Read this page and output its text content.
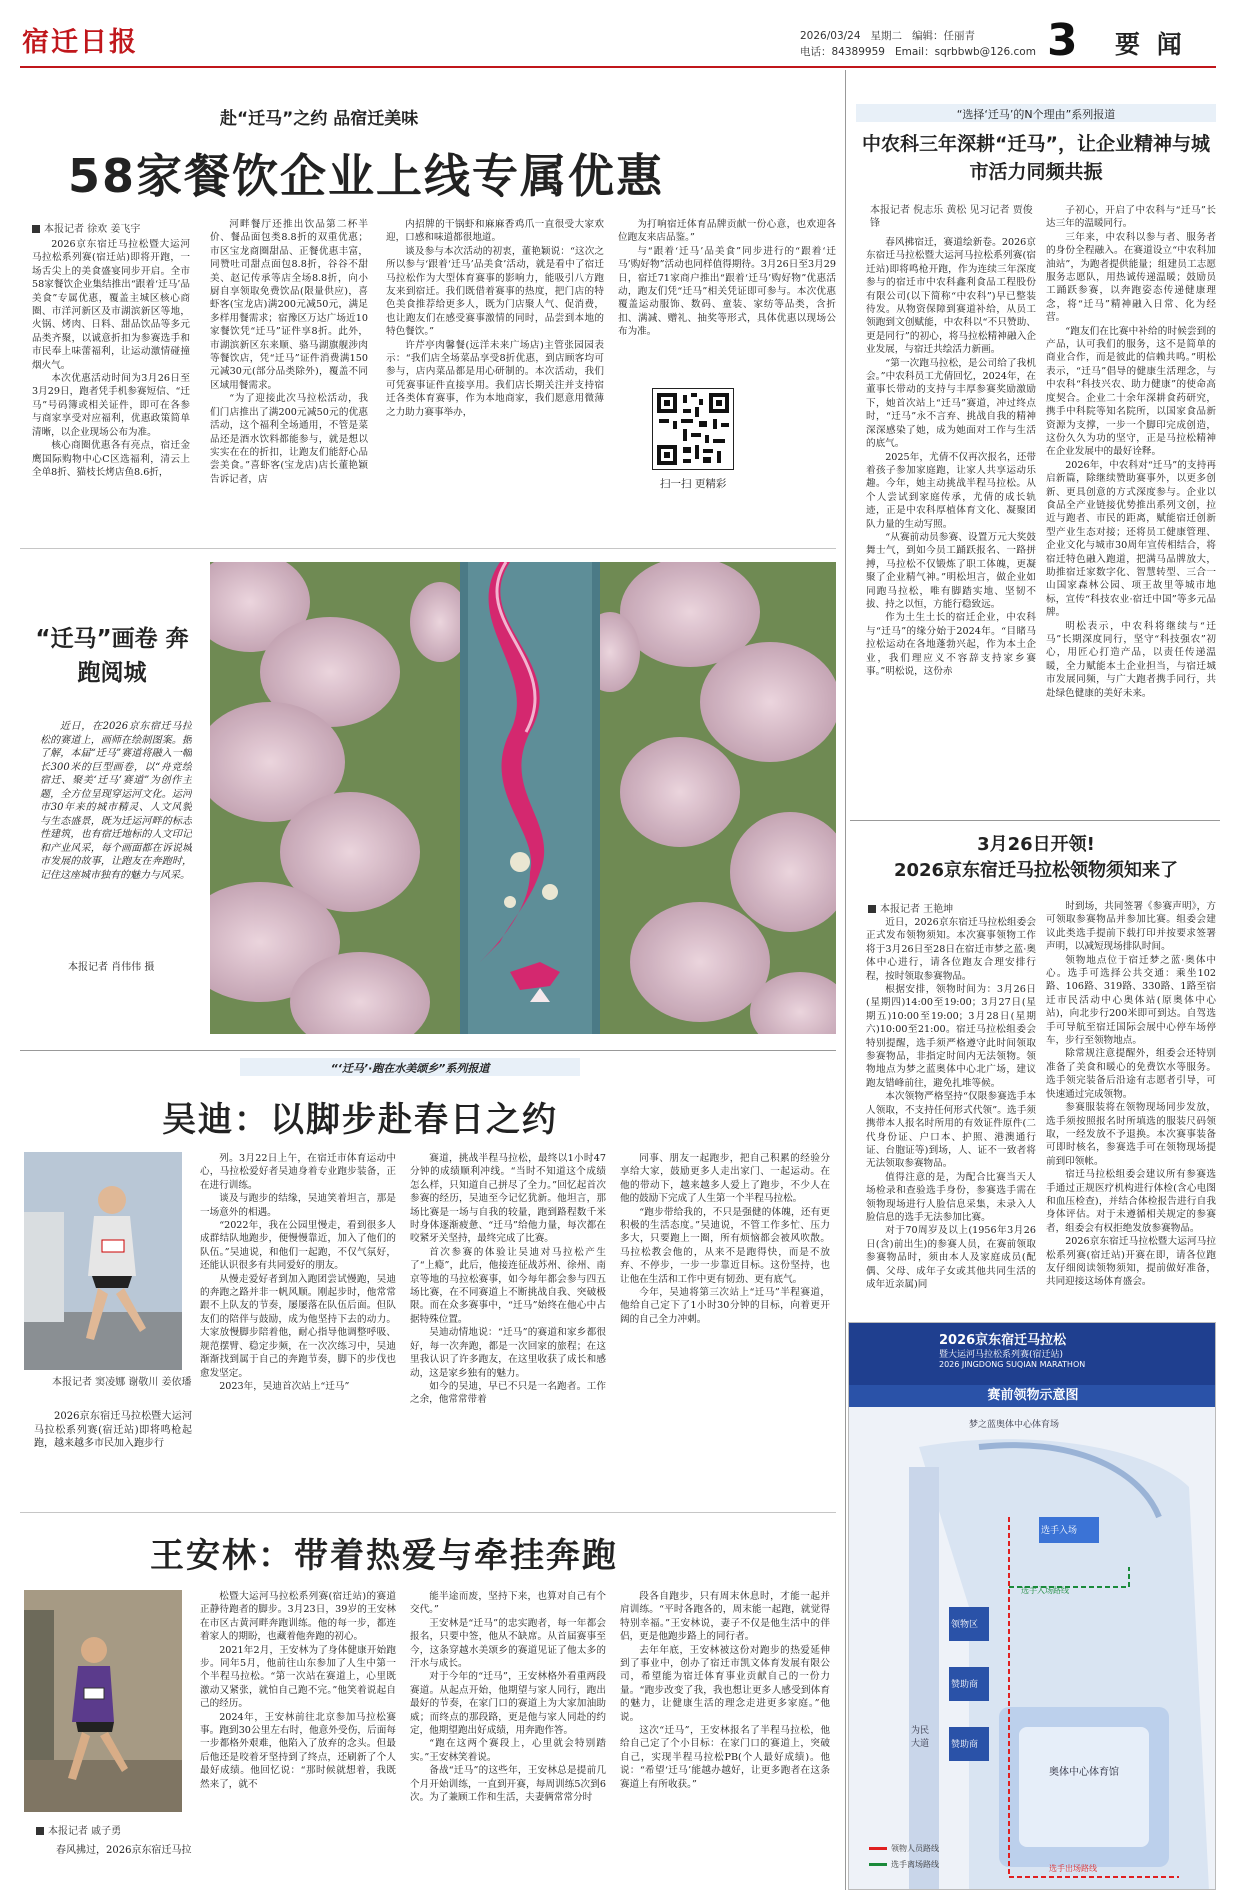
宿迁日报	2026/03/24 星期二 编辑：任丽青
电话：84389959 Email：sqrbbwb@126.com 3 要 闻
赴“迁马”之约 品宿迁美味
58家餐饮企业上线专属优惠
本报记者 徐欢 姜飞宇

2026京东宿迁马拉松暨大运河马拉松系列赛(宿迁站)即将开跑，一场舌尖上的美食盛宴同步开启。全市58家餐饮企业集结推出“跟着‘迁马’品美食”专属优惠，覆盖主城区核心商圈、市洋河新区及市湖滨新区等地，火锅、烤肉、日料、甜品饮品等多元品类齐聚，以诚意折扣为参赛选手和市民奉上味蕾福利，让运动激情碰撞烟火气。

本次优惠活动时间为3月26日至3月29日，跑者凭手机参赛短信、“迁马”号码簿或相关证件，即可在各参与商家享受对应福利，优惠政策简单清晰，以企业现场公布为准。

核心商圈优惠各有亮点，宿迁金鹰国际购物中心C区选福利，清云上全单8折、猫枝长烤店鱼8.6折，

河畔餐厅还推出饮品第二杯半价、餐品面包类8.8折的双重优惠；市区宝龙商圈甜品、正餐优惠丰富，同赞吐司甜点面包8.8折，谷谷不甜美、赵记传承等店全场8.8折，向小厨自享领取免费饮品(限量供应)，喜虾客(宝龙店)满200元减50元，满足多样用餐需求；宿豫区万达广场近10家餐饮凭“迁马”证件享8折。此外，市湖滨新区东来顺、骆马湖旗舰涉肉等餐饮店，凭“迁马”证件消费满150元减30元(部分品类除外)，覆盖不同区域用餐需求。

“为了迎接此次马拉松活动，我们门店推出了满200元减50元的优惠活动，这个福利全场通用，不管是菜品还是酒水饮料都能参与，就是想以实实在在的折扣，让跑友们能舒心品尝美食。”喜虾客(宝龙店)店长董艳颖告诉记者，店

内招牌的干锅虾和麻麻香鸡爪一直很受大家欢迎，口感和味道都很地道。

谈及参与本次活动的初衷，董艳颖说：“这次之所以参与‘跟着‘迁马’品美食’活动，就是看中了宿迁马拉松作为大型体育赛事的影响力，能吸引八方跑友来到宿迁。我们既借着赛事的热度，把门店的特色美食推荐给更多人，既为门店聚人气、促消费，也让跑友们在感受赛事激情的同时，品尝到本地的特色餐饮。”

许芹亭肉馨餐(远洋未来广场店)主管张园园表示：“我们店全场菜品享受8折优惠，到店顾客均可参与，店内菜品都是用心研制的。本次活动，我们可凭赛事证件直接享用。我们店长期关注并支持宿迁各类体育赛事，作为本地商家，我们愿意用微薄之力助力赛事举办，

为打响宿迁体育品牌贡献一份心意，也欢迎各位跑友来店品鉴。”

与“跟着‘迁马’品美食”同步进行的“跟着‘迁马’购好物”活动也同样值得期待。3月26日至3月29日，宿迁71家商户推出“跟着‘迁马’购好物”优惠活动，跑友们凭“迁马”相关凭证即可参与。本次优惠覆盖运动服饰、数码、童装、家纺等品类，含折扣、满减、赠礼、抽奖等形式，具体优惠以现场公布为准。

扫一扫 更精彩
“迁马”画卷 奔跑阅城
近日，在2026京东宿迁马拉松的赛道上，画师在绘制图案。据了解，本届“迁马”赛道将融入一幅长300米的巨型画卷，以“舟竞绘宿迁、聚美‘迁马’赛道”为创作主题，全方位呈现穿运河文化。运河市30年来的城市精灵、人文风貌与生态盛景，既为迁运河畔的标志性建筑，也有宿迁地标的人文印记和产业风采，每个画面都在诉说城市发展的故事，让跑友在奔跑时，记住这座城市独有的魅力与风采。
本报记者 肖伟伟 摄
“‘迁马’·跑在水美颂乡”系列报道
吴迪：以脚步赴春日之约
本报记者 窦凌娜 谢敬川 姜依璠
2026京东宿迁马拉松暨大运河马拉松系列赛(宿迁站)即将鸣枪起跑，越来越多市民加入跑步行

列。3月22日上午，在宿迁市体育运动中心，马拉松爱好者吴迪身着专业跑步装备，正在进行训练。

谈及与跑步的结缘，吴迪笑着坦言，那是一场意外的相遇。

“2022年，我在公园里慢走，看到很多人成群结队地跑步，便慢慢靠近，加入了他们的队伍。”吴迪说，和他们一起跑，不仅气氛好，还能认识很多有共同爱好的朋友。

从慢走爱好者到加入跑团尝试慢跑，吴迪的奔跑之路并非一帆风顺。刚起步时，他常常跟不上队友的节奏，屡屡落在队伍后面。但队友们的陪伴与鼓励，成为他坚持下去的动力。大家放慢脚步陪着他，耐心指导他调整呼吸、规范摆臂、稳定步频，在一次次练习中，吴迪渐渐找到属于自己的奔跑节奏，脚下的步伐也愈发坚定。

2023年，吴迪首次站上“迁马”

赛道，挑战半程马拉松，最终以1小时47分钟的成绩顺利冲线。“当时不知道这个成绩怎么样，只知道自己拼尽了全力。”回忆起首次参赛的经历，吴迪至今记忆犹新。他坦言，那场比赛是一场与自我的较量，跑到路程数千米时身体逐渐疲惫、“迁马”给他力量，每次都在咬紧牙关坚持，最终完成了比赛。

首次参赛的体验让吴迪对马拉松产生了“上瘾”，此后，他接连征战苏州、徐州、南京等地的马拉松赛事，如今每年都会参与四五场比赛，在不同赛道上不断挑战自我、突破极限。而在众多赛事中，“迁马”始终在他心中占据特殊位置。

吴迪动情地说：“迁马”的赛道和家乡都很好，每一次奔跑，都是一次回家的旅程；在这里我认识了许多跑友，在这里收获了成长和感动，这是家乡独有的魅力。

如今的吴迪，早已不只是一名跑者。工作之余，他常常带着

同事、朋友一起跑步，把自己积累的经验分享给大家，鼓励更多人走出家门、一起运动。在他的带动下，越来越多人爱上了跑步，不少人在他的鼓励下完成了人生第一个半程马拉松。

“跑步带给我的，不只是强健的体魄，还有更积极的生活态度。”吴迪说，不管工作多忙、压力多大，只要跑上一圈，所有烦恼都会被风吹散。马拉松教会他的，从来不是跑得快，而是不放弃、不停步，一步一步靠近目标。这份坚持，也让他在生活和工作中更有韧劲、更有底气。

今年，吴迪将第三次站上“迁马”半程赛道，他给自己定下了1小时30分钟的目标，向着更开阔的自己全力冲刺。

王安林：带着热爱与牵挂奔跑
本报记者 戚子勇
春风拂过，2026京东宿迁马拉

松暨大运河马拉松系列赛(宿迁站)的赛道正静待跑者的脚步。3月23日，39岁的王安林在市区古黄河畔奔跑训练。他的每一步，都连着家人的期盼，也藏着他奔跑的初心。

2021年2月，王安林为了身体健康开始跑步。同年5月，他前往山东参加了人生中第一个半程马拉松。“第一次站在赛道上，心里既激动又紧张，就怕自己跑不完。”他笑着说起自己的经历。

2024年，王安林前往北京参加马拉松赛事。跑到30公里左右时，他意外受伤，后面每一步都格外艰难，他陷入了放弃的念头。但最后他还是咬着牙坚持到了终点，还刷新了个人最好成绩。他回忆说：“那时候就想着，我既然来了，就不

能半途而废，坚持下来，也算对自己有个交代。”

王安林是“迁马”的忠实跑者，每一年都会报名，只要中签，他从不缺席。从首届赛事至今，这条穿越水美颂乡的赛道见证了他太多的汗水与成长。

对于今年的“迁马”，王安林格外看重两段赛道。从起点开始，他期望与家人同行，跑出最好的节奏，在家门口的赛道上为大家加油助威；而终点的那段路，更是他与家人同赴的约定，他期望跑出好成绩，用奔跑作答。

“跑在这两个赛段上，心里就会特别踏实。”王安林笑着说。

备战“迁马”的这些年，王安林总是提前几个月开始训练，一直到开赛，每周训练5次到6次。为了兼顾工作和生活，夫妻俩常常分时

段各自跑步，只有周末休息时，才能一起并肩训练。“平时各跑各的，周末能一起跑，就觉得特别幸福。”王安林说，妻子不仅是他生活中的伴侣，更是他跑步路上的同行者。

去年年底，王安林被这份对跑步的热爱延伸到了事业中，创办了宿迁市凯文体育发展有限公司，希望能为宿迁体育事业贡献自己的一份力量。“跑步改变了我，我也想让更多人感受到体育的魅力，让健康生活的理念走进更多家庭。”他说。

这次“迁马”，王安林报名了半程马拉松，他给自己定了个小目标：在家门口的赛道上，突破自己，实现半程马拉松PB(个人最好成绩)。他说：“希望‘迁马’能越办越好，让更多跑者在这条赛道上有所收获。”

“选择‘迁马’的N个理由”系列报道
中农科三年深耕“迁马”，让企业精神与城市活力同频共振
本报记者 倪志乐 黄松 见习记者 贾俊锋

春风拂宿迁，赛道绘新卷。2026京东宿迁马拉松暨大运河马拉松系列赛(宿迁站)即将鸣枪开跑，作为连续三年深度参与的宿迁市中农科鑫利食品工程股份有限公司(以下简称“中农科”)早已整装待发。从物资保障到赛道补给，从员工领跑到文创赋能，中农科以“不只赞助、更是同行”的初心，将马拉松精神融入企业发展，与宿迁共绘活力新画。

“第一次跑马拉松，是公司给了我机会。”中农科员工尤倩回忆，2024年，在董事长带动的支持与丰厚参赛奖励激励下，她首次站上“迁马”赛道，冲过终点时，“迁马”永不言弃、挑战自我的精神深深感染了她，成为她面对工作与生活的底气。

2025年，尤倩不仅再次报名，还带着孩子参加家庭跑，让家人共享运动乐趣。今年，她主动挑战半程马拉松。从个人尝试到家庭传承，尤倩的成长轨迹，正是中农科厚植体育文化、凝聚团队力量的生动写照。

“从赛前动员参赛、设置万元大奖鼓舞士气，到如今员工踊跃报名、一路拼搏，马拉松不仅锻炼了职工体魄，更凝聚了企业精气神。”明松坦言，做企业如同跑马拉松，唯有脚踏实地、坚韧不拔、持之以恒，方能行稳致远。

作为土生土长的宿迁企业，中农科与“迁马”的缘分始于2024年。“目睹马拉松运动在各地蓬勃兴起，作为本土企业，我们理应义不容辞支持家乡赛事。”明松说，这份赤

子初心，开启了中农科与“迁马”长达三年的温暖同行。

三年来，中农科以参与者、服务者的身份全程融入。在赛道设立“中农科加油站”，为跑者提供能量；组建员工志愿服务志愿队，用热诚传递温暖；鼓励员工踊跃参赛，以奔跑姿态传递健康理念，将“迁马”精神融入日常、化为经营。

“跑友们在比赛中补给的时候尝到的产品，认可我们的服务，这不是简单的商业合作，而是彼此的信赖共鸣。”明松表示，“迁马”倡导的健康生活理念，与中农科“科技兴农、助力健康”的使命高度契合。企业二十余年深耕食药研究，携手中科院等知名院所，以国家食品新资源为支撑，一步一个脚印完成创造，这份久久为功的坚守，正是马拉松精神在企业发展中的最好诠释。

2026年，中农科对“迁马”的支持再启新篇，除继续赞助赛事外，以更多创新、更具创意的方式深度参与。企业以食品全产业链接优势推出系列文创，拉近与跑者、市民的距离，赋能宿迁创新型产业生态对接；还将员工健康管理、企业文化与城市30周年宣传相结合，将宿迁特色融入跑道，把满马品牌放大，助推宿迁家数字化、智慧转型、三合一山国家森林公园、项王故里等城市地标，宣传“科技农业·宿迁中国”等多元品牌。

明松表示，中农科将继续与“迁马”长期深度同行，坚守“科技强农”初心，用匠心打造产品，以责任传递温暖，全力赋能本土企业担当，与宿迁城市发展同频，与广大跑者携手同行，共赴绿色健康的美好未来。

3月26日开领!
2026京东宿迁马拉松领物须知来了
本报记者 王艳坤

近日，2026京东宿迁马拉松组委会正式发布领物须知。本次赛事领物工作将于3月26日至28日在宿迁市梦之蓝·奥体中心进行，请各位跑友合理安排行程，按时领取参赛物品。

根据安排，领物时间为：3月26日(星期四)14:00至19:00；3月27日(星期五)10:00至19:00；3月28日(星期六)10:00至21:00。宿迁马拉松组委会特别提醒，选手须严格遵守此时间领取参赛物品，非指定时间内无法领物。领物地点为梦之蓝奥体中心北广场，建议跑友错峰前往，避免扎堆等候。

本次领物严格坚持“仅限参赛选手本人领取，不支持任何形式代领”。选手须携带本人报名时所用的有效证件原件(二代身份证、户口本、护照、港澳通行证、台胞证等)到场，人、证不一致者将无法领取参赛物品。

值得注意的是，为配合比赛当天人场检录和查验选手身份，参赛选手需在领物现场进行人脸信息采集，未录入人脸信息的选手无法参加比赛。

对于70周岁及以上(1956年3月26日(含)前出生)的参赛人员，在赛前领取参赛物品时，须由本人及家庭成员(配偶、父母、成年子女或其他共同生活的成年近亲属)同

时到场，共同签署《参赛声明》，方可领取参赛物品并参加比赛。组委会建议此类选手提前下载打印并按要求签署声明，以减短现场排队时间。

领物地点位于宿迁梦之蓝·奥体中心。选手可选择公共交通：乘坐102路、106路、319路、330路、1路至宿迁市民活动中心奥体站(原奥体中心站)，向北步行200米即可到达。自驾选手可导航至宿迁国际会展中心停车场停车，步行至领物地点。

除常规注意提醒外，组委会还特别准备了美食和暖心的免费饮水等服务。选手领完装备后沿途有志愿者引导，可快速通过完成领物。

参赛服装将在领物现场同步发放，选手须按照报名时所填选的服装尺码领取，一经发放不予退换。本次赛事装备可即时核名，参赛选手可在领物现场提前到印领帐。

宿迁马拉松组委会建议所有参赛选手通过正规医疗机构进行体检(含心电图和血压检查)，并结合体检报告进行自我身体评估。对于未遵循相关规定的参赛者，组委会有权拒绝发放参赛物品。

2026京东宿迁马拉松暨大运河马拉松系列赛(宿迁站)开赛在即，请各位跑友仔细阅读领物须知，提前做好准备，共同迎接这场体育盛会。

2026京东宿迁马拉松
暨大运河马拉松系列赛(宿迁站)
2026 JINGDONG SUQIAN MARATHON
赛前领物示意图
梦之蓝奥体中心体育场
选手入场
领物区
赞助商
赞助商
为民大道
奥体中心体育馆
选手入场路线
选手出场路线
领物人员路线
选手离场路线
